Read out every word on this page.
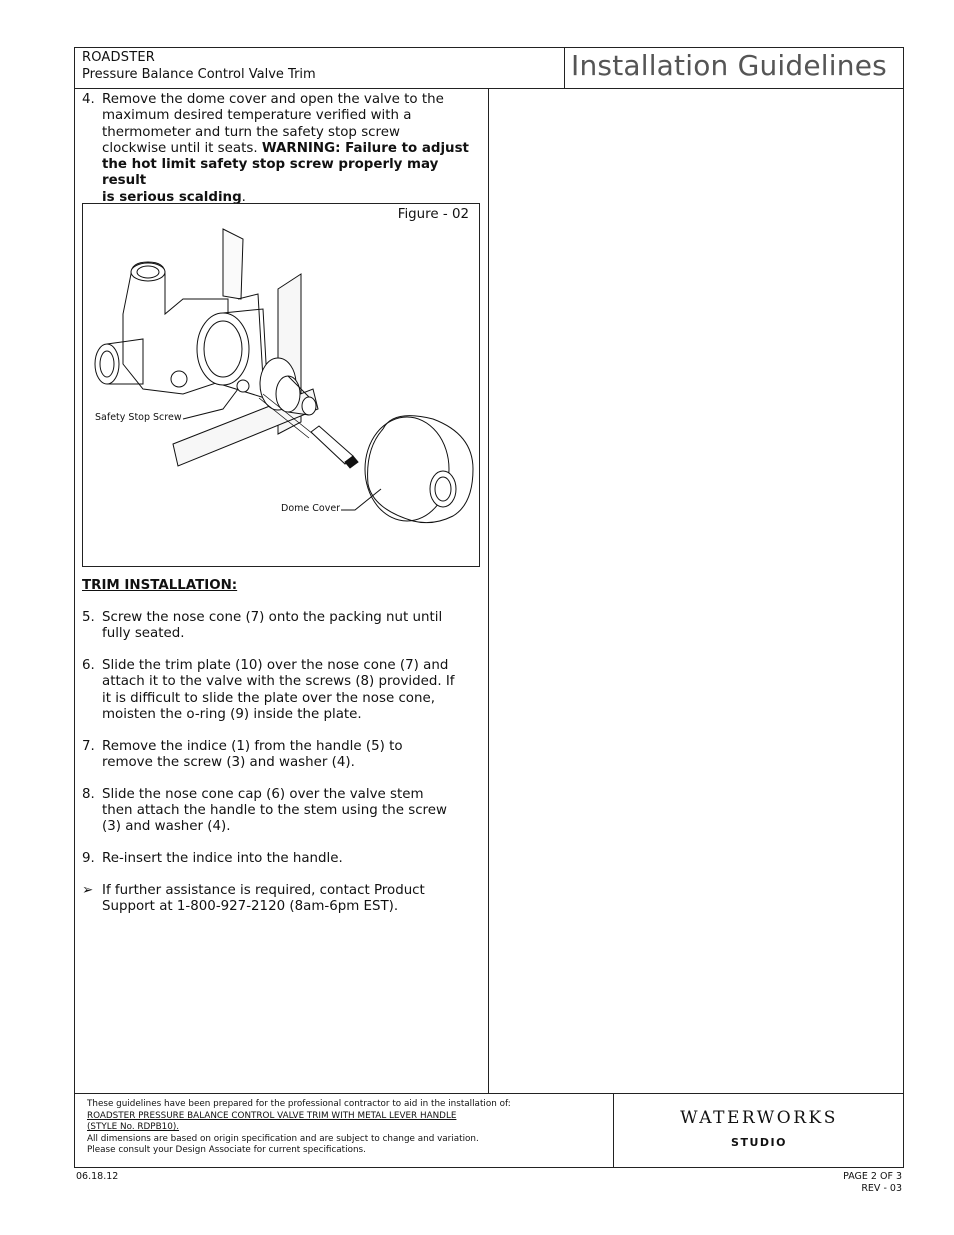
ROADSTER
Pressure Balance Control Valve Trim	Installation Guidelines
4. Remove the dome cover and open the valve to the
maximum desired temperature verified with a
thermometer and turn the safety stop screw
clockwise until it seats. WARNING: Failure to adjust
the hot limit safety stop screw properly may result
is serious scalding.
Figure - 02
Safety Stop Screw
Dome Cover
TRIM INSTALLATION:
5. Screw the nose cone (7) onto the packing nut until
fully seated.
6. Slide the trim plate (10) over the nose cone (7) and
attach it to the valve with the screws (8) provided. If
it is difficult to slide the plate over the nose cone,
moisten the o-ring (9) inside the plate.
7. Remove the indice (1) from the handle (5) to
remove the screw (3) and washer (4).
8. Slide the nose cone cap (6) over the valve stem
then attach the handle to the stem using the screw
(3) and washer (4).
9. Re-insert the indice into the handle.
➢ If further assistance is required, contact Product
Support at 1-800-927-2120 (8am-6pm EST).
These guidelines have been prepared for the professional contractor to aid in the installation of:
ROADSTER PRESSURE BALANCE CONTROL VALVE TRIM WITH METAL LEVER HANDLE
(STYLE No. RDPB10).
All dimensions are based on origin specification and are subject to change and variation.
Please consult your Design Associate for current specifications.
WATERWORKS
STUDIO
06.18.12	PAGE 2 OF 3
REV - 03
